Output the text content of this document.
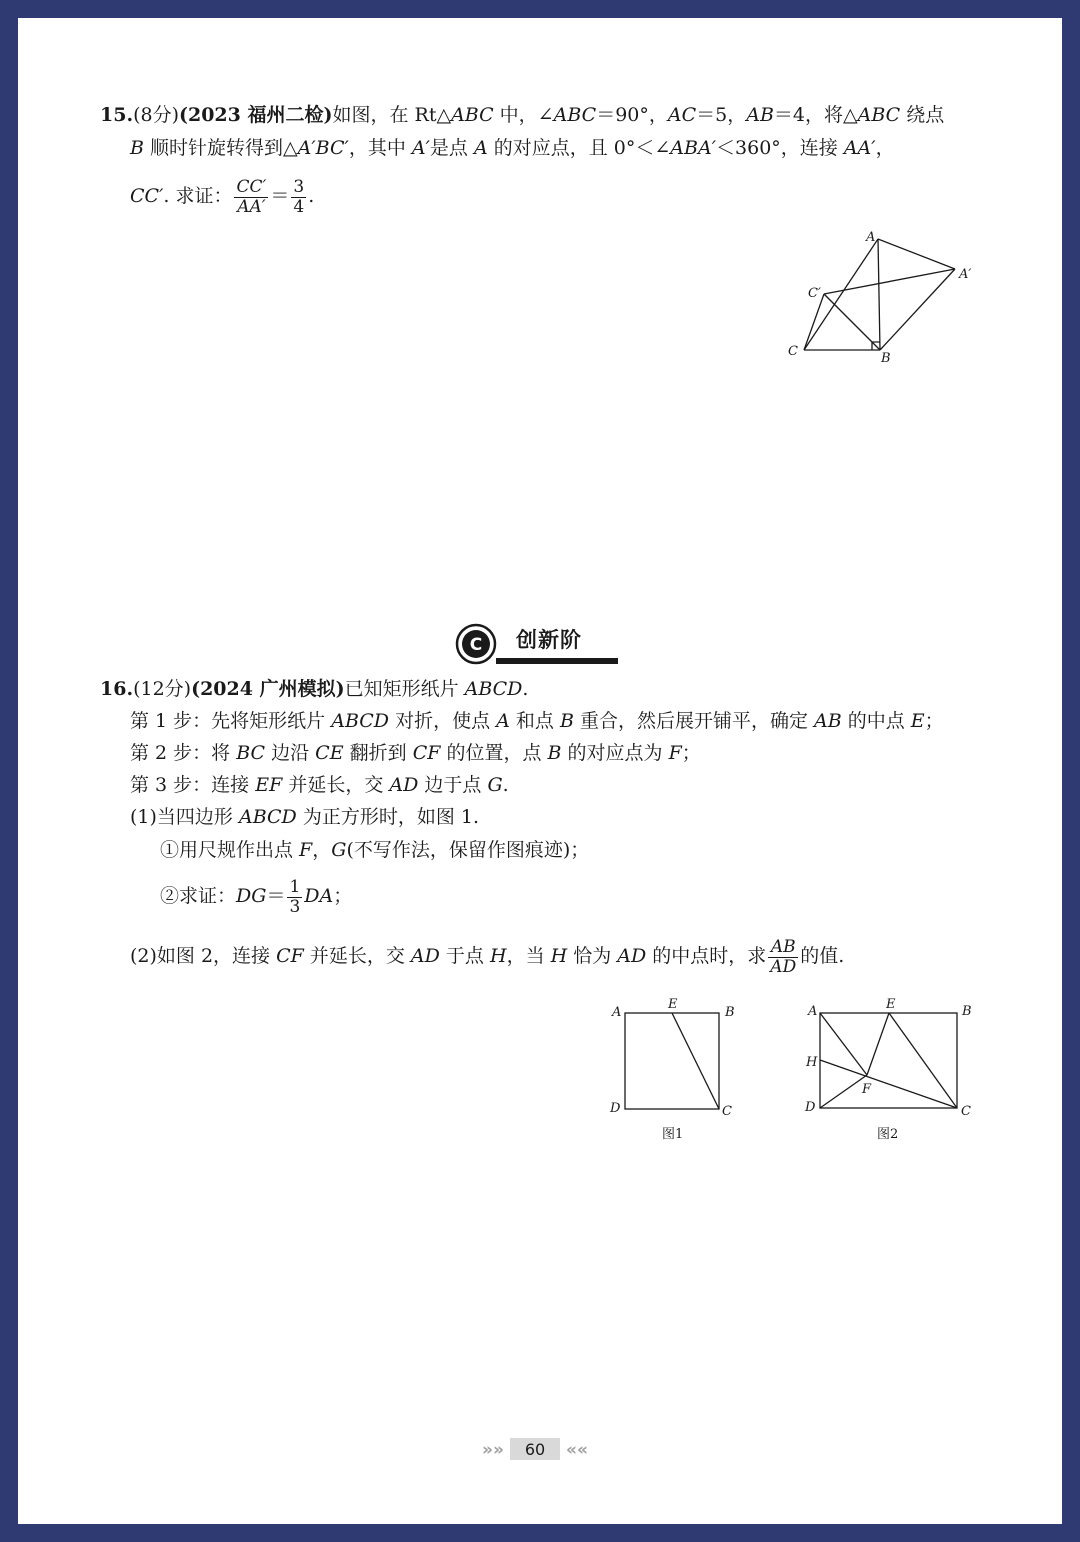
15.(8分)(2023 福州二检)如图，在 Rt△ABC 中，∠ABC＝90°，AC＝5，AB＝4，将△ABC 绕点
B 顺时针旋转得到△A′BC′，其中 A′是点 A 的对应点，且 0°＜∠ABA′＜360°，连接 AA′，
CC′. 求证： $\frac{CC'}{AA'} = \frac{3}{4}$ .
A
A′
C′
C	B
C 创新阶
16.(12分)(2024 广州模拟)已知矩形纸片 ABCD.
第 1 步：先将矩形纸片 ABCD 对折，使点 A 和点 B 重合，然后展开铺平，确定 AB 的中点 E；
第 2 步：将 BC 边沿 CE 翻折到 CF 的位置，点 B 的对应点为 F；
第 3 步：连接 EF 并延长，交 AD 边于点 G.
(1)当四边形 ABCD 为正方形时，如图 1.
①用尺规作出点 F，G(不写作法，保留作图痕迹)；
②求证：$DG= \frac{1}{3}$ DA；
(2)如图 2，连接 CF 并延长，交 AD 于点 H，当 H 恰为 AD 的中点时，求 $\frac{AB}{AD}$ 的值.
A
E
B
D	C
图1
A	E	B
H
F
D	C
图2
»»	««
60
